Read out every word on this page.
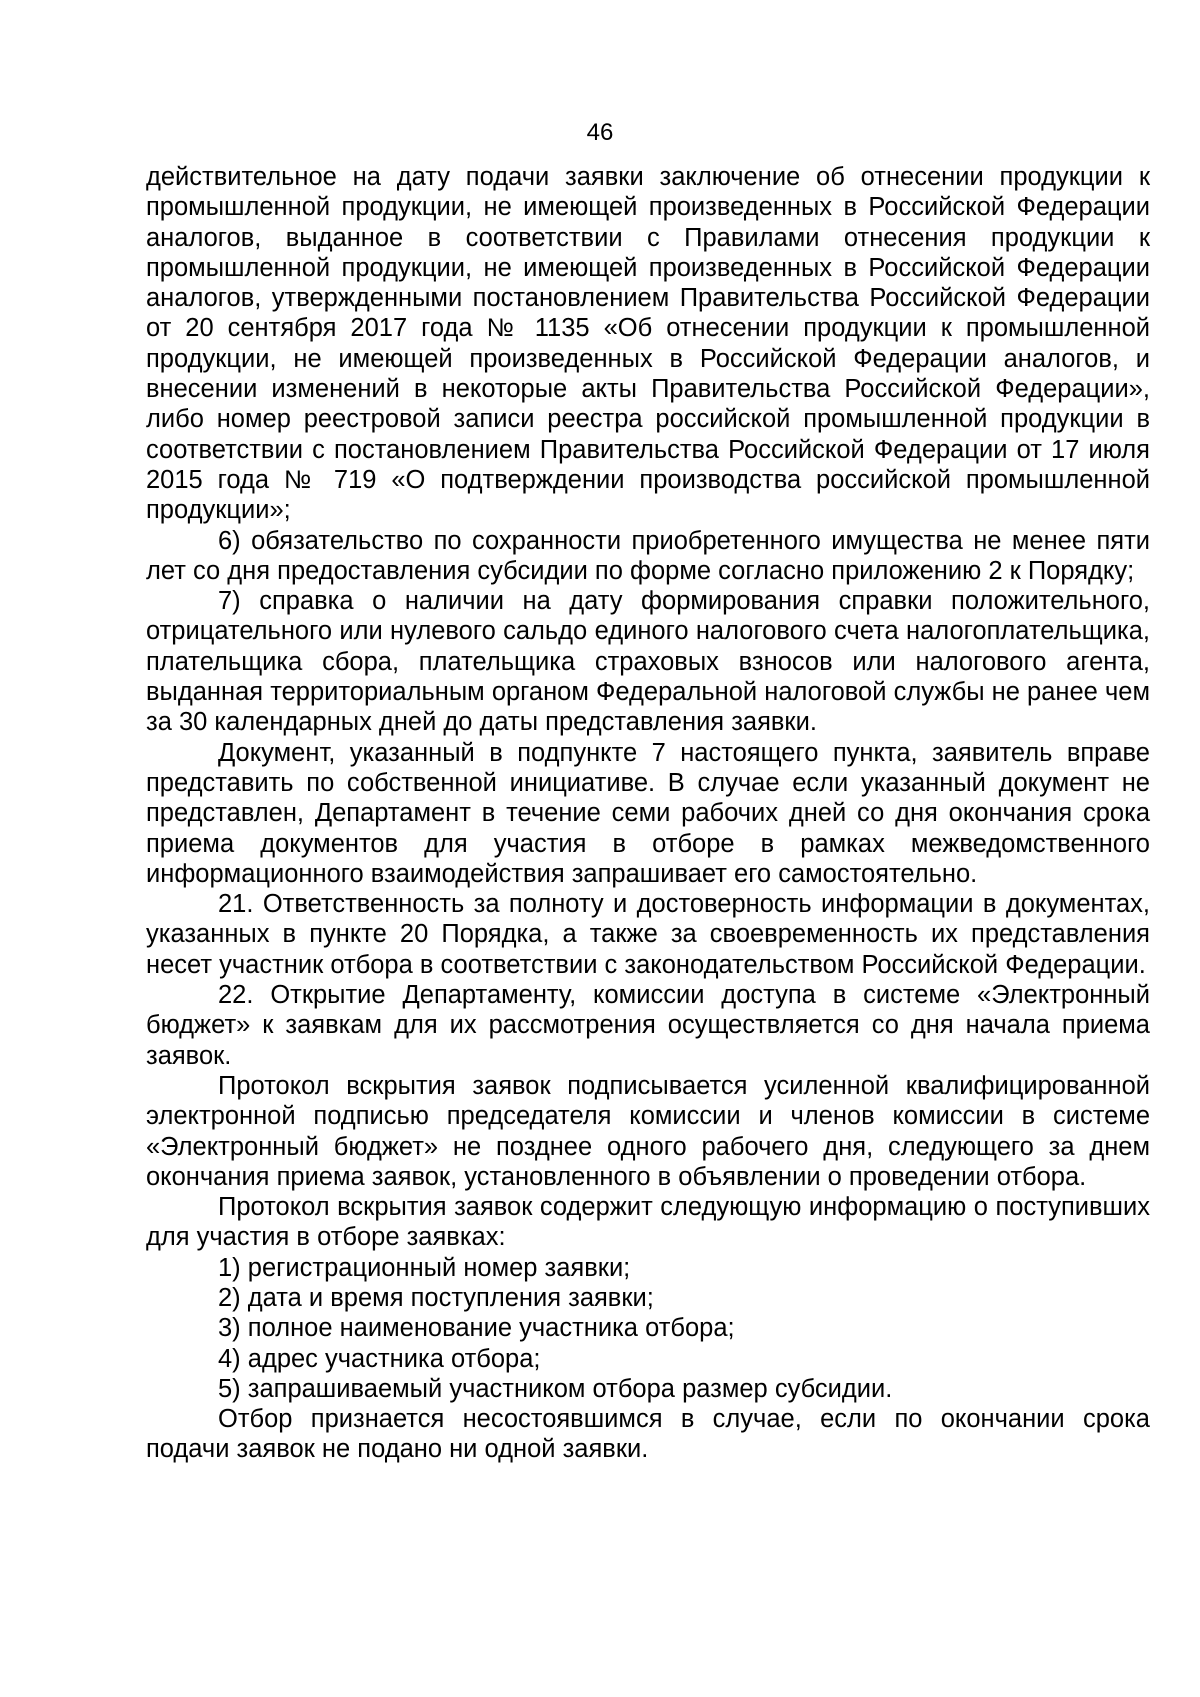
46

действительное на дату подачи заявки заключение об отнесении продукции к промышленной продукции, не имеющей произведенных в Российской Федерации аналогов, выданное в соответствии с Правилами отнесения продукции к промышленной продукции, не имеющей произведенных в Российской Федерации аналогов, утвержденными постановлением Правительства Российской Федерации от 20 сентября 2017 года № 1135 «Об отнесении продукции к промышленной продукции, не имеющей произведенных в Российской Федерации аналогов, и внесении изменений в некоторые акты Правительства Российской Федерации», либо номер реестровой записи реестра российской промышленной продукции в соответствии с постановлением Правительства Российской Федерации от 17 июля 2015 года № 719 «О подтверждении производства российской промышленной продукции»;

6) обязательство по сохранности приобретенного имущества не менее пяти лет со дня предоставления субсидии по форме согласно приложению 2 к Порядку;

7) справка о наличии на дату формирования справки положительного, отрицательного или нулевого сальдо единого налогового счета налогоплательщика, плательщика сбора, плательщика страховых взносов или налогового агента, выданная территориальным органом Федеральной налоговой службы не ранее чем за 30 календарных дней до даты представления заявки.

Документ, указанный в подпункте 7 настоящего пункта, заявитель вправе представить по собственной инициативе. В случае если указанный документ не представлен, Департамент в течение семи рабочих дней со дня окончания срока приема документов для участия в отборе в рамках межведомственного информационного взаимодействия запрашивает его самостоятельно.

21. Ответственность за полноту и достоверность информации в документах, указанных в пункте 20 Порядка, а также за своевременность их представления несет участник отбора в соответствии с законодательством Российской Федерации.

22. Открытие Департаменту, комиссии доступа в системе «Электронный бюджет» к заявкам для их рассмотрения осуществляется со дня начала приема заявок.

Протокол вскрытия заявок подписывается усиленной квалифицированной электронной подписью председателя комиссии и членов комиссии в системе «Электронный бюджет» не позднее одного рабочего дня, следующего за днем окончания приема заявок, установленного в объявлении о проведении отбора.

Протокол вскрытия заявок содержит следующую информацию о поступивших для участия в отборе заявках:

1) регистрационный номер заявки;

2) дата и время поступления заявки;

3) полное наименование участника отбора;

4) адрес участника отбора;

5) запрашиваемый участником отбора размер субсидии.

Отбор признается несостоявшимся в случае, если по окончании срока подачи заявок не подано ни одной заявки.
